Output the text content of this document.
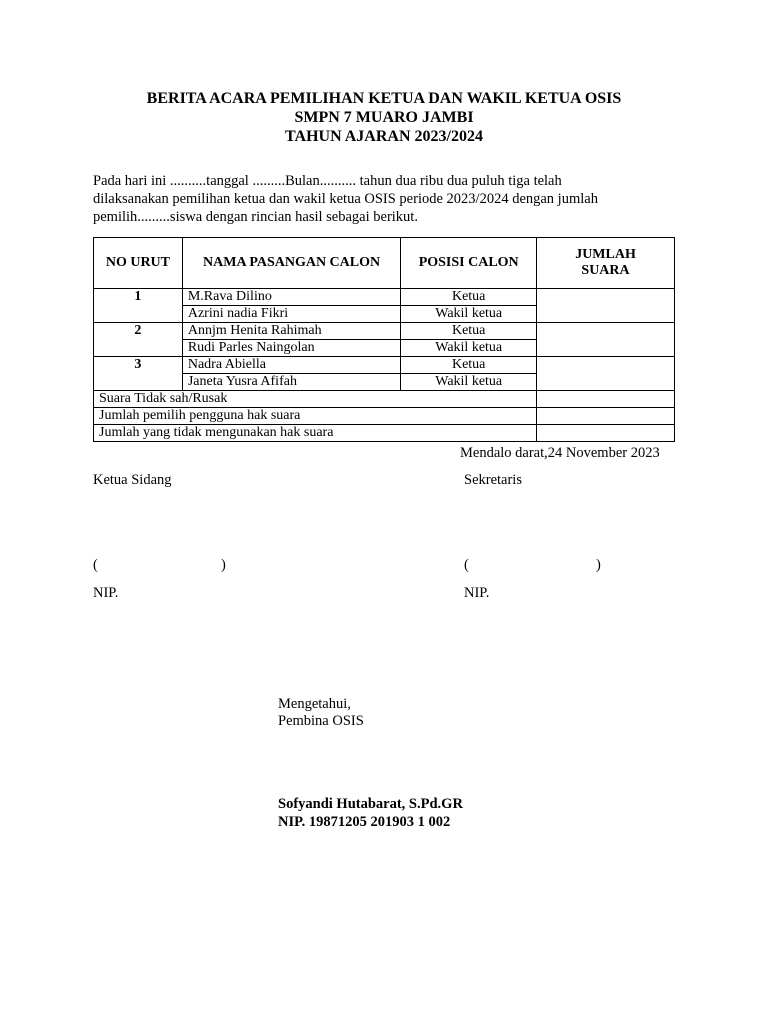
BERITA ACARA PEMILIHAN KETUA DAN WAKIL KETUA OSIS
SMPN 7 MUARO JAMBI
TAHUN AJARAN 2023/2024
Pada hari ini ..........tanggal .........Bulan.......... tahun dua ribu dua puluh tiga telah
dilaksanakan pemilihan ketua dan wakil ketua OSIS periode 2023/2024 dengan jumlah
pemilih.........siswa dengan rincian hasil sebagai berikut.
NO URUT	NAMA PASANGAN CALON	POSISI CALON	JUMLAH SUARA
1	M.Rava Dilino	Ketua	
	Azrini nadia Fikri	Wakil ketua	
2	Annjm Henita Rahimah	Ketua	
	Rudi Parles Naingolan	Wakil ketua	
3	Nadra Abiella	Ketua	
	Janeta Yusra Afifah	Wakil ketua	
Suara Tidak sah/Rusak			
Jumlah pemilih pengguna hak suara			
Jumlah yang tidak mengunakan hak suara			
Mendalo darat,24 November 2023
Ketua Sidang	Sekretaris
(	)	(	)
NIP.	NIP.
Mengetahui,
Pembina OSIS
Sofyandi Hutabarat, S.Pd.GR
NIP. 19871205 201903 1 002
